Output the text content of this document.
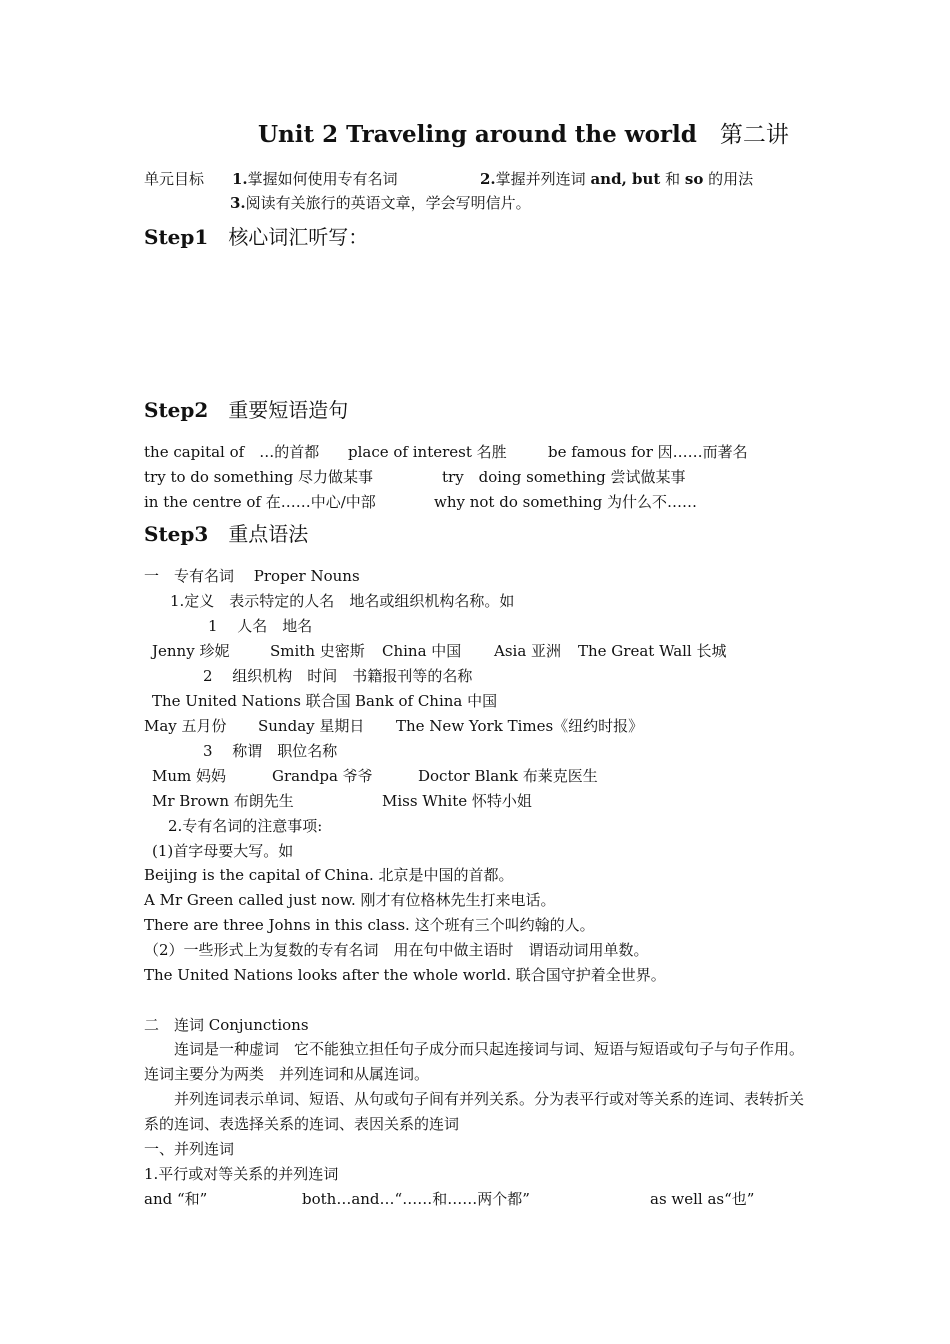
Unit 2 Traveling around the world　 第二讲
单元目标 1.掌握如何使用专有名词	2.掌握并列连词 and, but 和 so 的用法
3.阅读有关旅行的英语文章，学会写明信片。
Step1　 核心词汇听写：
Step2　 重要短语造句
the capital of　…的首都 place of interest 名胜	be famous for 因……而著名
try to do something 尽力做某事	try　doing something 尝试做某事
in the centre of 在……中心/中部	why not do something 为什么不……
Step3　 重点语法
一　专有名词　 Proper Nouns
1.定义　表示特定的人名　地名或组织机构名称。如
1　 人名　地名
Jenny 珍妮	Smith 史密斯 China 中国 Asia 亚洲 The Great Wall 长城
2　 组织机构　时间　书籍报刊等的名称
The United Nations 联合国 Bank of China 中国
May 五月份 Sunday 星期日 The New York Times《纽约时报》
3　 称谓　职位名称
Mum 妈妈	Grandpa 爷爷	Doctor Blank 布莱克医生
Mr Brown 布朗先生	Miss White 怀特小姐
2.专有名词的注意事项:
(1)首字母要大写。如
Beijing is the capital of China. 北京是中国的首都。
A Mr Green called just now. 刚才有位格林先生打来电话。
There are three Johns in this class. 这个班有三个叫约翰的人。
（2）一些形式上为复数的专有名词　用在句中做主语时　谓语动词用单数。
The United Nations looks after the whole world. 联合国守护着全世界。
二　连词 Conjunctions
　　连词是一种虚词　它不能独立担任句子成分而只起连接词与词、短语与短语或句子与句子作用。连词主要分为两类　并列连词和从属连词。
　　并列连词表示单词、短语、从句或句子间有并列关系。分为表平行或对等关系的连词、表转折关系的连词、表选择关系的连词、表因关系的连词
一、并列连词
1.平行或对等关系的并列连词
and “和”	both…and…“……和……两个都”	as well as“也”
